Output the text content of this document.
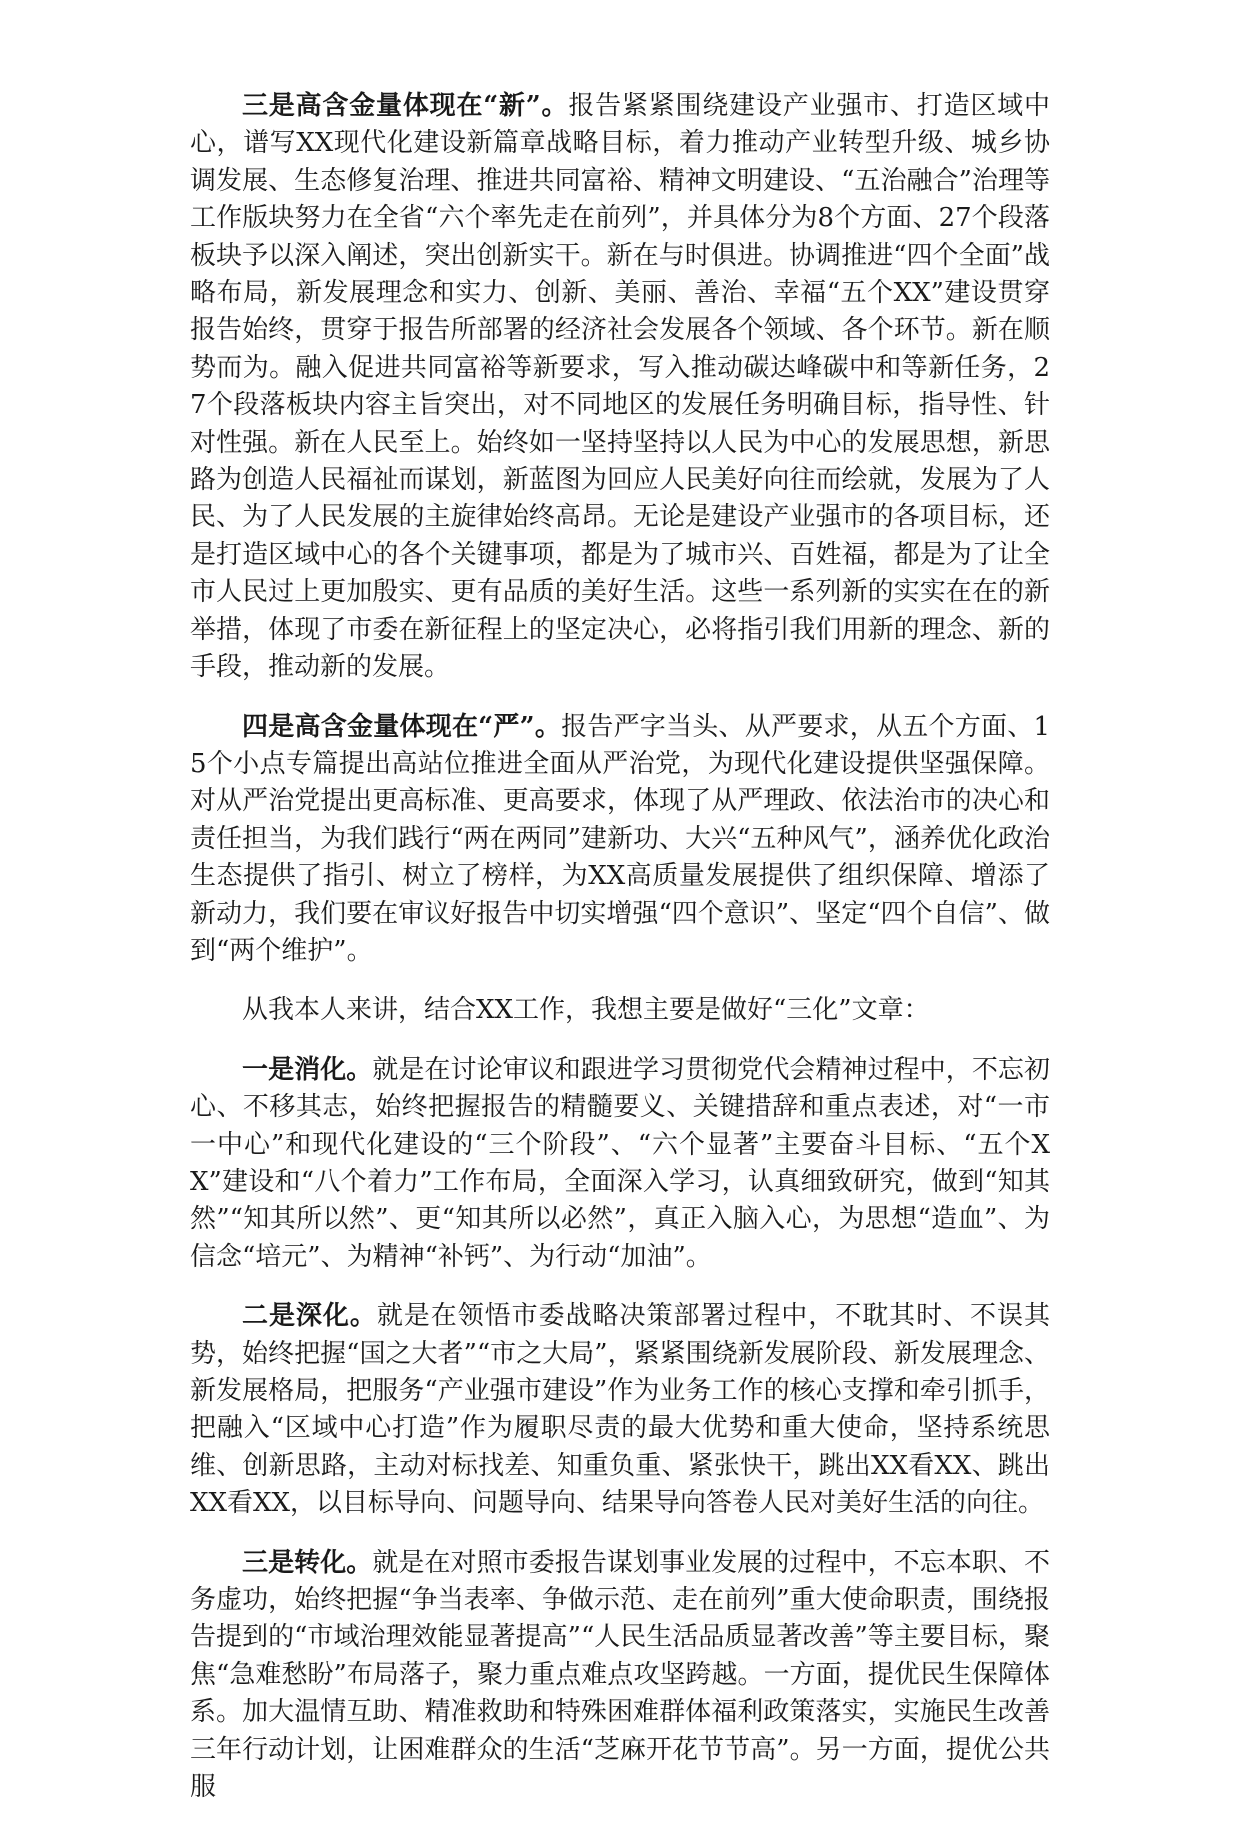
三是高含金量体现在“新”。报告紧紧围绕建设产业强市、打造区域中心，谱写XX现代化建设新篇章战略目标，着力推动产业转型升级、城乡协调发展、生态修复治理、推进共同富裕、精神文明建设、“五治融合”治理等工作版块努力在全省“六个率先走在前列”，并具体分为8个方面、27个段落板块予以深入阐述，突出创新实干。新在与时俱进。协调推进“四个全面”战略布局，新发展理念和实力、创新、美丽、善治、幸福“五个XX”建设贯穿报告始终，贯穿于报告所部署的经济社会发展各个领域、各个环节。新在顺势而为。融入促进共同富裕等新要求，写入推动碳达峰碳中和等新任务，27个段落板块内容主旨突出，对不同地区的发展任务明确目标，指导性、针对性强。新在人民至上。始终如一坚持坚持以人民为中心的发展思想，新思路为创造人民福祉而谋划，新蓝图为回应人民美好向往而绘就，发展为了人民、为了人民发展的主旋律始终高昂。无论是建设产业强市的各项目标，还是打造区域中心的各个关键事项，都是为了城市兴、百姓福，都是为了让全市人民过上更加殷实、更有品质的美好生活。这些一系列新的实实在在的新举措，体现了市委在新征程上的坚定决心，必将指引我们用新的理念、新的手段，推动新的发展。

四是高含金量体现在“严”。报告严字当头、从严要求，从五个方面、15个小点专篇提出高站位推进全面从严治党，为现代化建设提供坚强保障。对从严治党提出更高标准、更高要求，体现了从严理政、依法治市的决心和责任担当，为我们践行“两在两同”建新功、大兴“五种风气”，涵养优化政治生态提供了指引、树立了榜样，为XX高质量发展提供了组织保障、增添了新动力，我们要在审议好报告中切实增强“四个意识”、坚定“四个自信”、做到“两个维护”。

从我本人来讲，结合XX工作，我想主要是做好“三化”文章：

一是消化。就是在讨论审议和跟进学习贯彻党代会精神过程中，不忘初心、不移其志，始终把握报告的精髓要义、关键措辞和重点表述，对“一市一中心”和现代化建设的“三个阶段”、“六个显著”主要奋斗目标、“五个XX”建设和“八个着力”工作布局，全面深入学习，认真细致研究，做到“知其然”“知其所以然”、更“知其所以必然”，真正入脑入心，为思想“造血”、为信念“培元”、为精神“补钙”、为行动“加油”。

二是深化。就是在领悟市委战略决策部署过程中，不耽其时、不误其势，始终把握“国之大者”“市之大局”，紧紧围绕新发展阶段、新发展理念、新发展格局，把服务“产业强市建设”作为业务工作的核心支撑和牵引抓手，把融入“区域中心打造”作为履职尽责的最大优势和重大使命，坚持系统思维、创新思路，主动对标找差、知重负重、紧张快干，跳出XX看XX、跳出XX看XX，以目标导向、问题导向、结果导向答卷人民对美好生活的向往。

三是转化。就是在对照市委报告谋划事业发展的过程中，不忘本职、不务虚功，始终把握“争当表率、争做示范、走在前列”重大使命职责，围绕报告提到的“市域治理效能显著提高”“人民生活品质显著改善”等主要目标，聚焦“急难愁盼”布局落子，聚力重点难点攻坚跨越。一方面，提优民生保障体系。加大温情互助、精准救助和特殊困难群体福利政策落实，实施民生改善三年行动计划，让困难群众的生活“芝麻开花节节高”。另一方面，提优公共服
